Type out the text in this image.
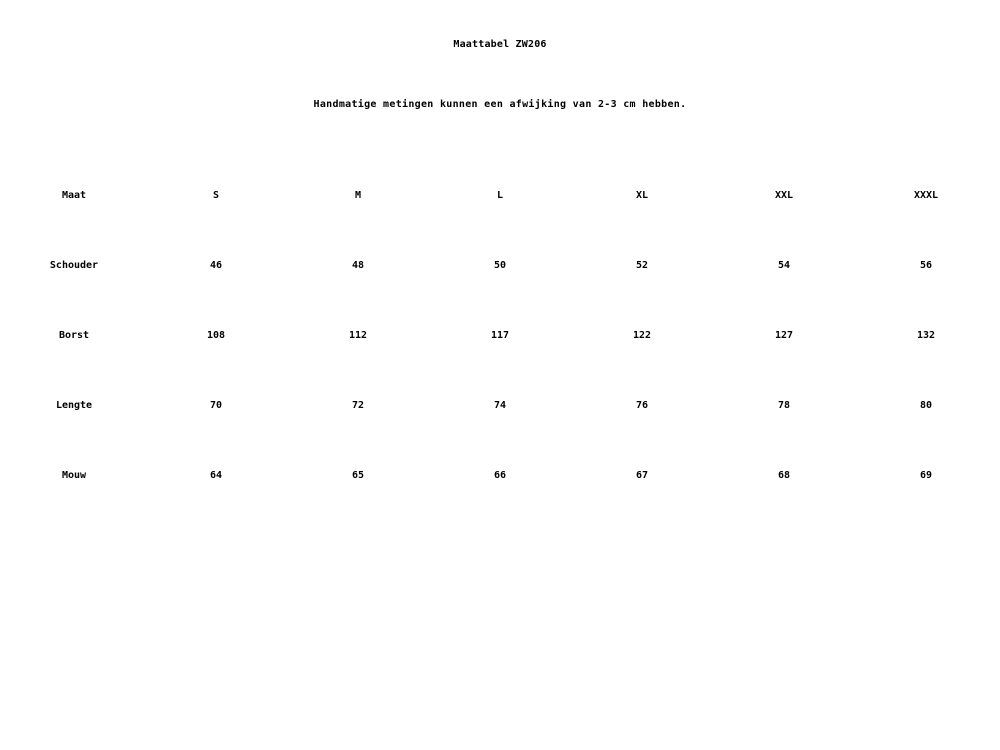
Maattabel ZW206
Handmatige metingen kunnen een afwijking van 2-3 cm hebben.
Maat	S	M	L	XL	XXL	XXXL
Schouder	46	48	50	52	54	56
Borst	108	112	117	122	127	132
Lengte	70	72	74	76	78	80
Mouw	64	65	66	67	68	69
